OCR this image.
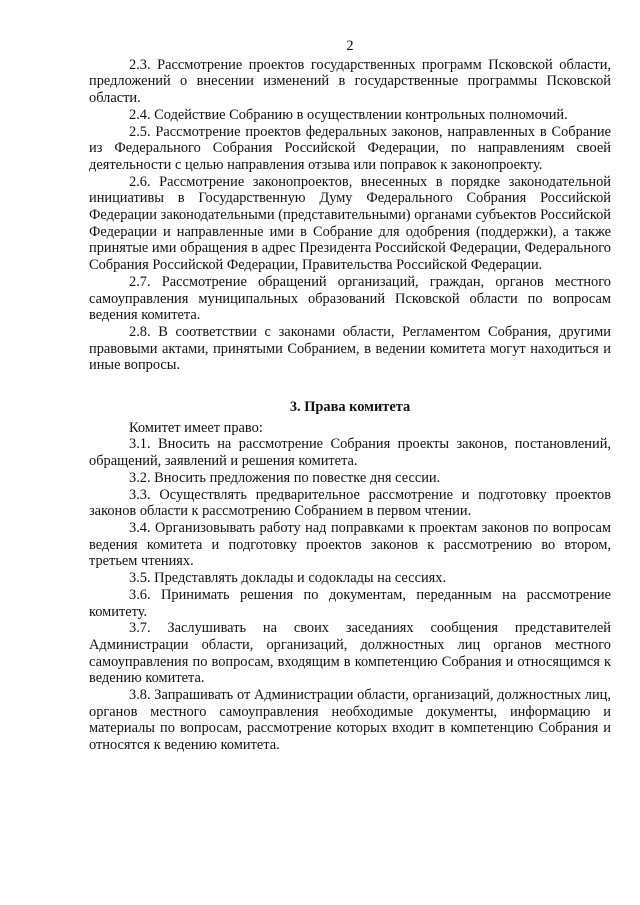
2

2.3. Рассмотрение проектов государственных программ Псковской области, предложений о внесении изменений в государственные программы Псковской области.

2.4. Содействие Собранию в осуществлении контрольных полномочий.

2.5. Рассмотрение проектов федеральных законов, направленных в Собрание из Федерального Собрания Российской Федерации, по направлениям своей деятельности с целью направления отзыва или поправок к законопроекту.

2.6. Рассмотрение законопроектов, внесенных в порядке законодательной инициативы в Государственную Думу Федерального Собрания Российской Федерации законодательными (представительными) органами субъектов Российской Федерации и направленные ими в Собрание для одобрения (поддержки), а также принятые ими обращения в адрес Президента Российской Федерации, Федерального Собрания Российской Федерации, Правительства Российской Федерации.

2.7. Рассмотрение обращений организаций, граждан, органов местного самоуправления муниципальных образований Псковской области по вопросам ведения комитета.

2.8. В соответствии с законами области, Регламентом Собрания, другими правовыми актами, принятыми Собранием, в ведении комитета могут находиться и иные вопросы.

3. Права комитета

Комитет имеет право:

3.1. Вносить на рассмотрение Собрания проекты законов, постановлений, обращений, заявлений и решения комитета.

3.2. Вносить предложения по повестке дня сессии.

3.3. Осуществлять предварительное рассмотрение и подготовку проектов законов области к рассмотрению Собранием в первом чтении.

3.4. Организовывать работу над поправками к проектам законов по вопросам ведения комитета и подготовку проектов законов к рассмотрению во втором, третьем чтениях.

3.5. Представлять доклады и содоклады на сессиях.

3.6. Принимать решения по документам, переданным на рассмотрение комитету.

3.7. Заслушивать на своих заседаниях сообщения представителей Администрации области, организаций, должностных лиц органов местного самоуправления по вопросам, входящим в компетенцию Собрания и относящимся к ведению комитета.

3.8. Запрашивать от Администрации области, организаций, должностных лиц, органов местного самоуправления необходимые документы, информацию и материалы по вопросам, рассмотрение которых входит в компетенцию Собрания и относятся к ведению комитета.
